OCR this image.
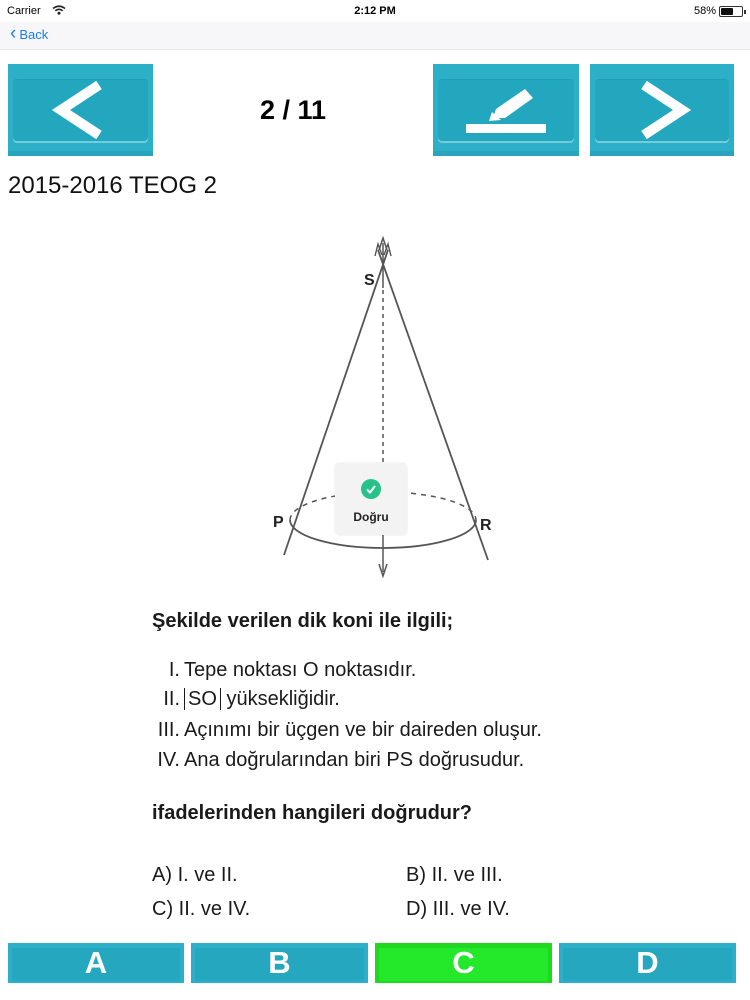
Carrier	2:12 PM	58%
‹ Back
2 / 11
2015-2016 TEOG 2
S
P	R
Doğru
Şekilde verilen dik koni ile ilgili;
I. Tepe noktası O noktasıdır.
II. SO yüksekliğidir.
III. Açınımı bir üçgen ve bir daireden oluşur.
IV. Ana doğrularından biri PS doğrusudur.
ifadelerinden hangileri doğrudur?
A) I. ve II.	B) II. ve III.
C) II. ve IV.	D) III. ve IV.
A	B	C	D
